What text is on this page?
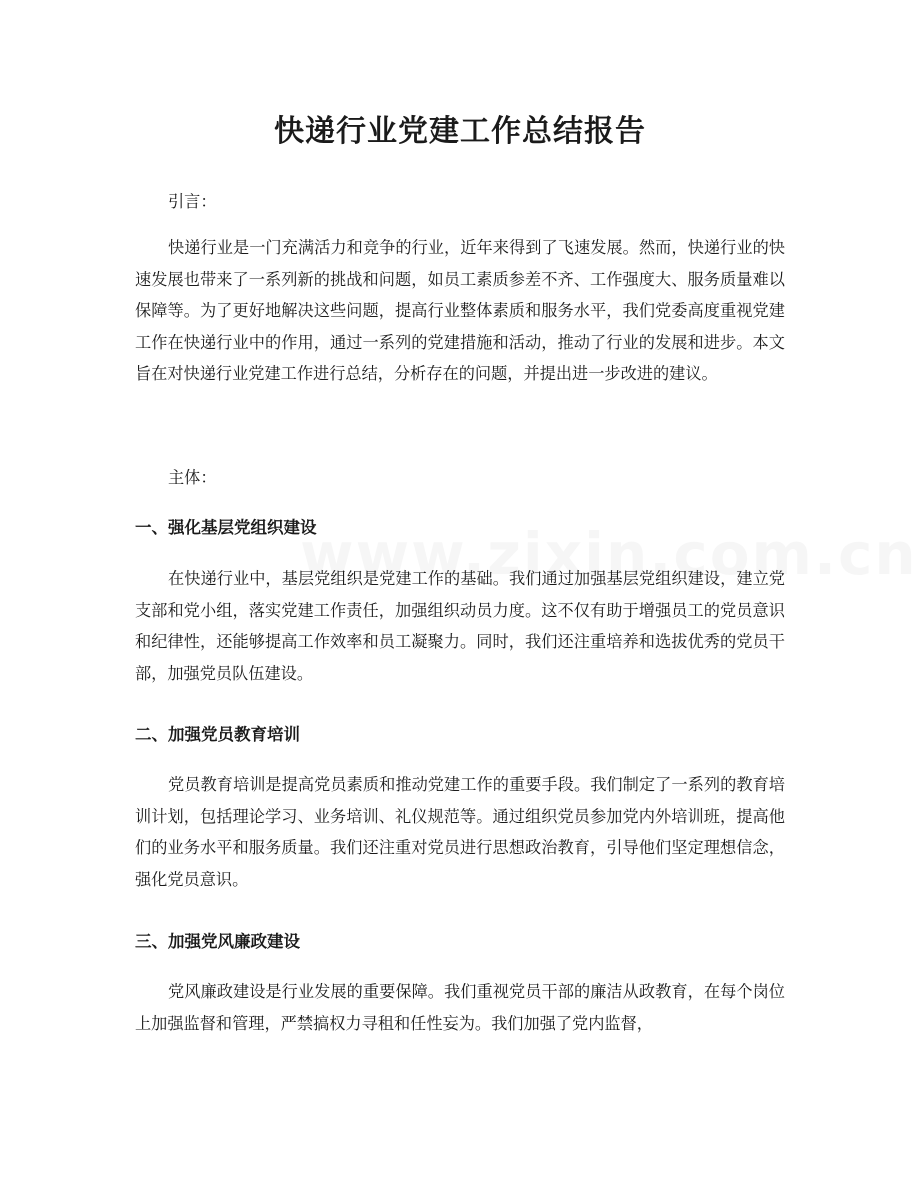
快递行业党建工作总结报告

引言：

快递行业是一门充满活力和竞争的行业，近年来得到了飞速发展。然而，快递行业的快速发展也带来了一系列新的挑战和问题，如员工素质参差不齐、工作强度大、服务质量难以保障等。为了更好地解决这些问题，提高行业整体素质和服务水平，我们党委高度重视党建工作在快递行业中的作用，通过一系列的党建措施和活动，推动了行业的发展和进步。本文旨在对快递行业党建工作进行总结，分析存在的问题，并提出进一步改进的建议。

主体：

一、强化基层党组织建设

在快递行业中，基层党组织是党建工作的基础。我们通过加强基层党组织建设，建立党支部和党小组，落实党建工作责任，加强组织动员力度。这不仅有助于增强员工的党员意识和纪律性，还能够提高工作效率和员工凝聚力。同时，我们还注重培养和选拔优秀的党员干部，加强党员队伍建设。

二、加强党员教育培训

党员教育培训是提高党员素质和推动党建工作的重要手段。我们制定了一系列的教育培训计划，包括理论学习、业务培训、礼仪规范等。通过组织党员参加党内外培训班，提高他们的业务水平和服务质量。我们还注重对党员进行思想政治教育，引导他们坚定理想信念，强化党员意识。

三、加强党风廉政建设

党风廉政建设是行业发展的重要保障。我们重视党员干部的廉洁从政教育，在每个岗位上加强监督和管理，严禁搞权力寻租和任性妄为。我们加强了党内监督，
